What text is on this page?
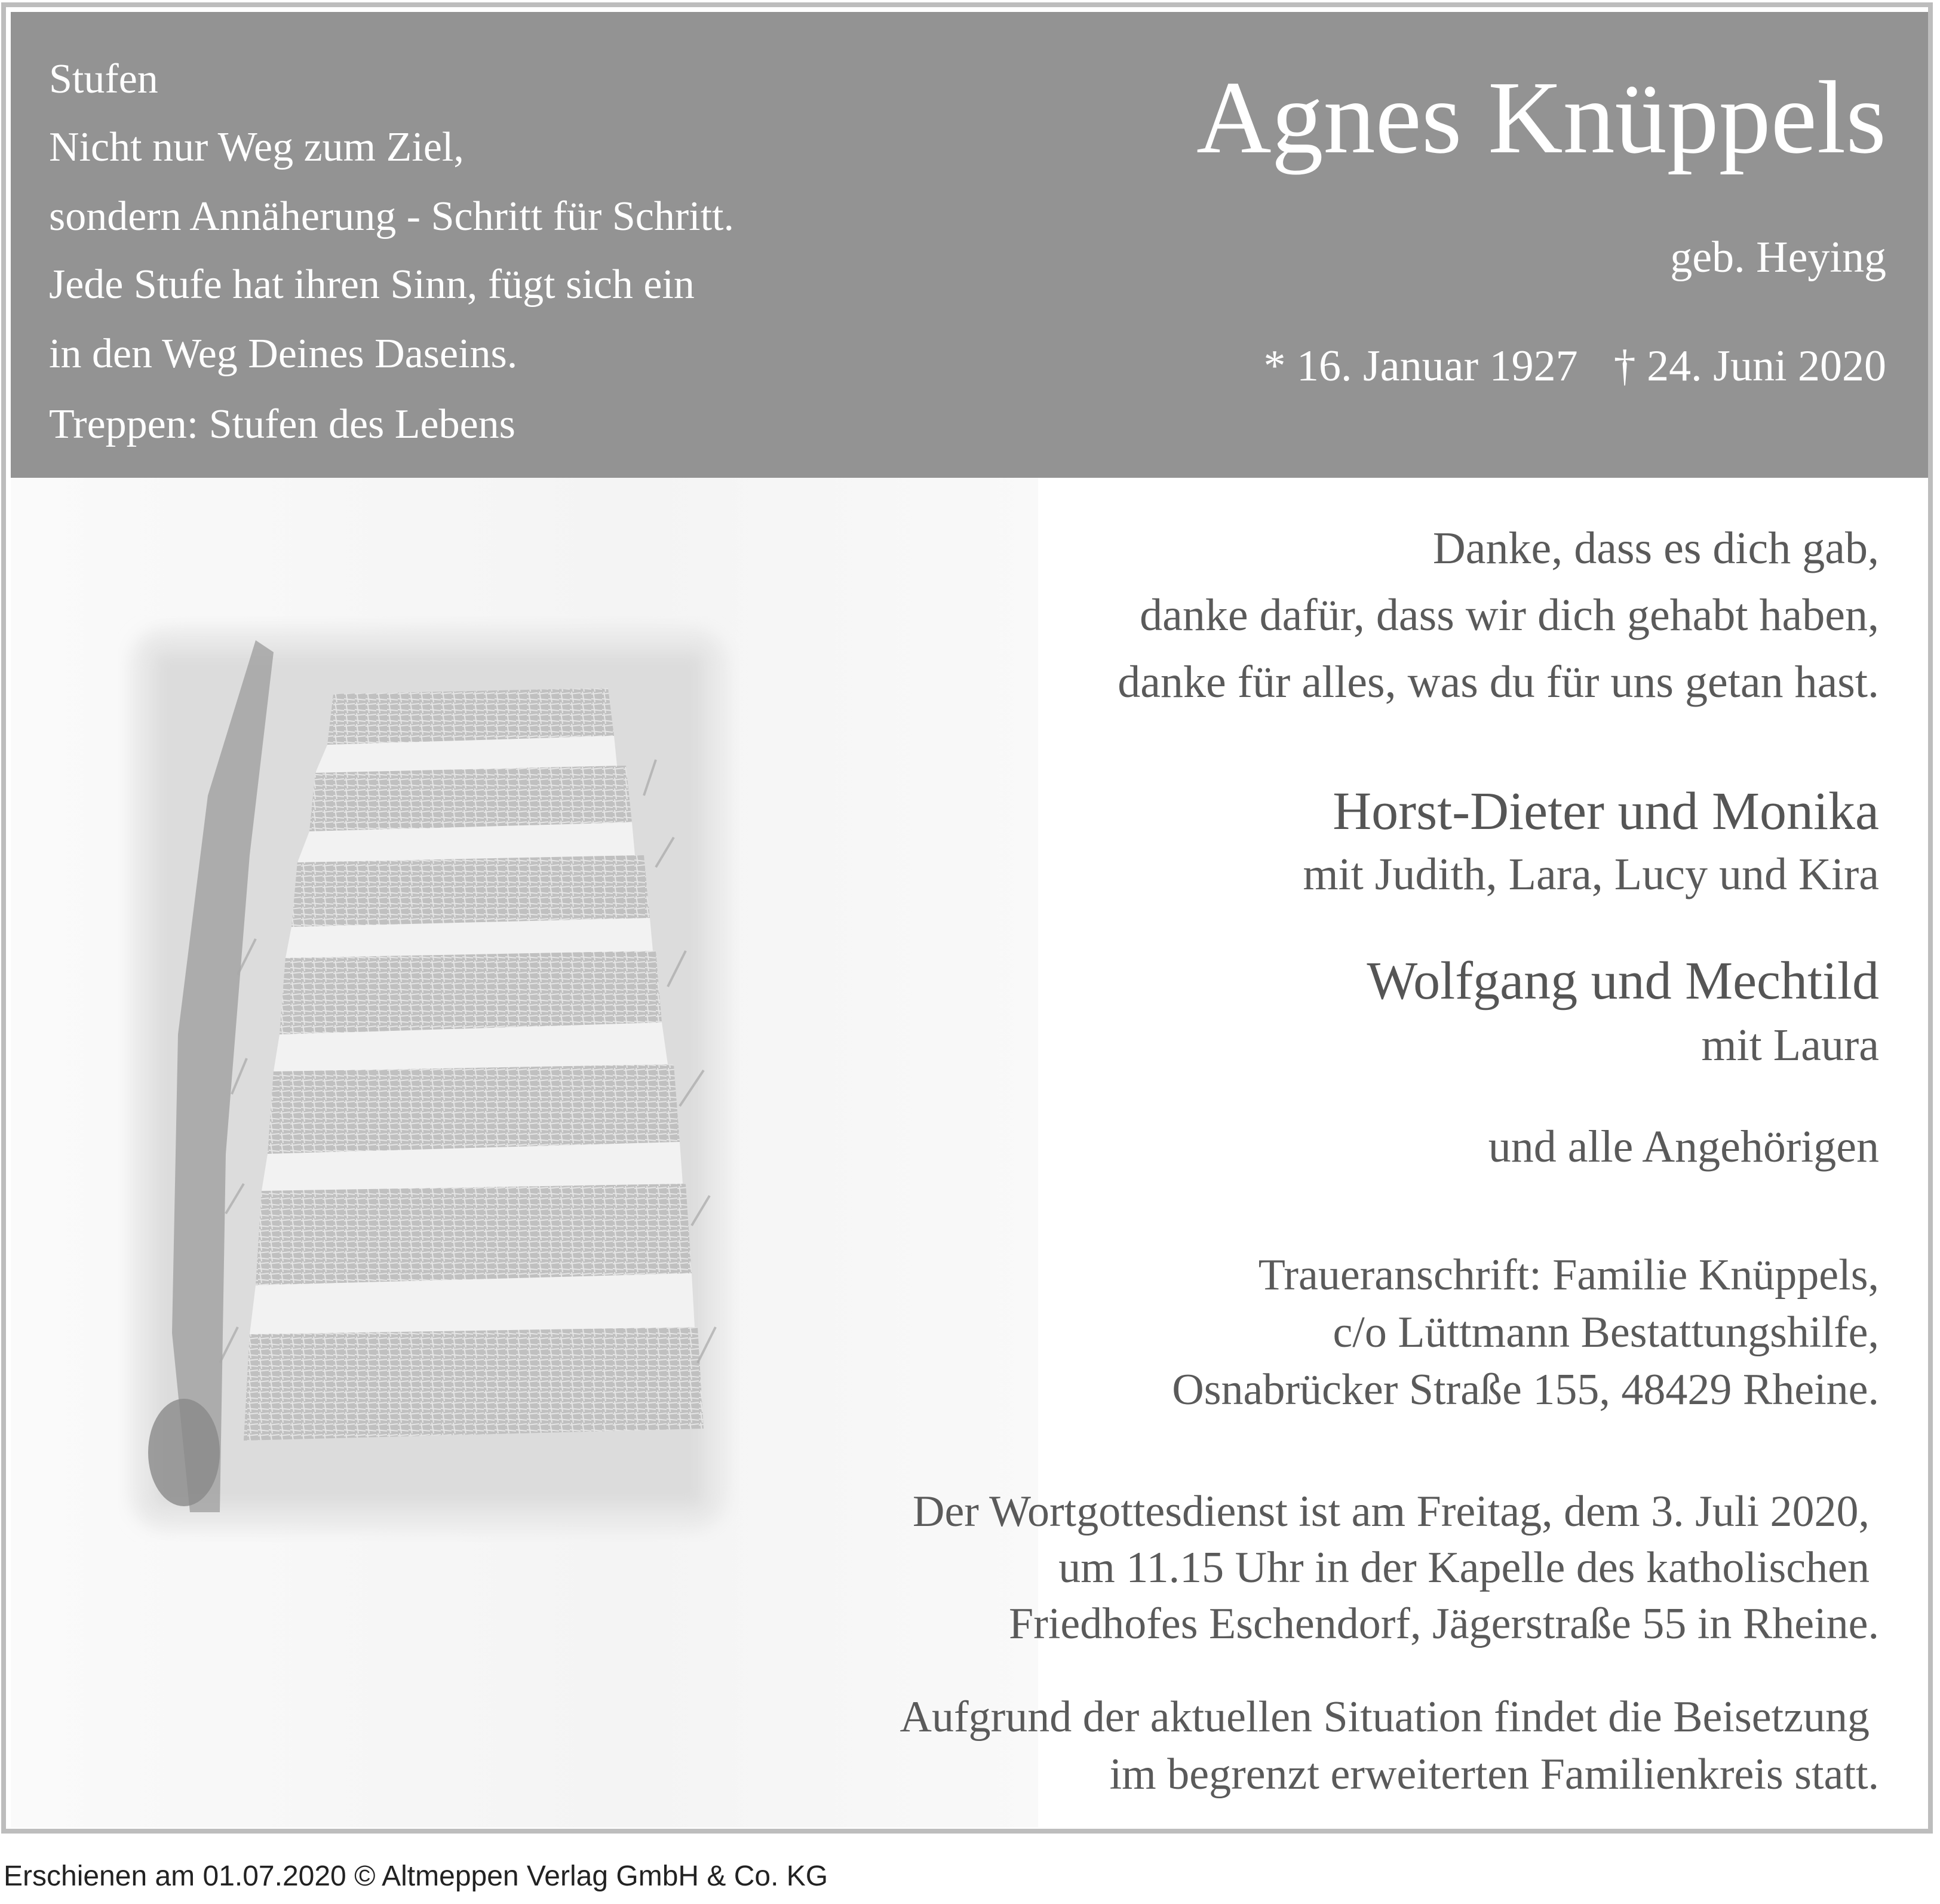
Stufen
Nicht nur Weg zum Ziel,
sondern Annäherung - Schritt für Schritt.
Jede Stufe hat ihren Sinn, fügt sich ein
in den Weg Deines Daseins.
Treppen: Stufen des Lebens
Agnes Knüppels
geb. Heying
* 16. Januar 1927 † 24. Juni 2020
Danke, dass es dich gab,
danke dafür, dass wir dich gehabt haben,
danke für alles, was du für uns getan hast.
Horst-Dieter und Monika
mit Judith, Lara, Lucy und Kira
Wolfgang und Mechtild
mit Laura
und alle Angehörigen
Traueranschrift: Familie Knüppels,
c/o Lüttmann Bestattungshilfe,
Osnabrücker Straße 155, 48429 Rheine.
Der Wortgottesdienst ist am Freitag, dem 3. Juli 2020,
um 11.15 Uhr in der Kapelle des katholischen
Friedhofes Eschendorf, Jägerstraße 55 in Rheine.
Aufgrund der aktuellen Situation findet die Beisetzung
im begrenzt erweiterten Familienkreis statt.
Erschienen am 01.07.2020 © Altmeppen Verlag GmbH & Co. KG
